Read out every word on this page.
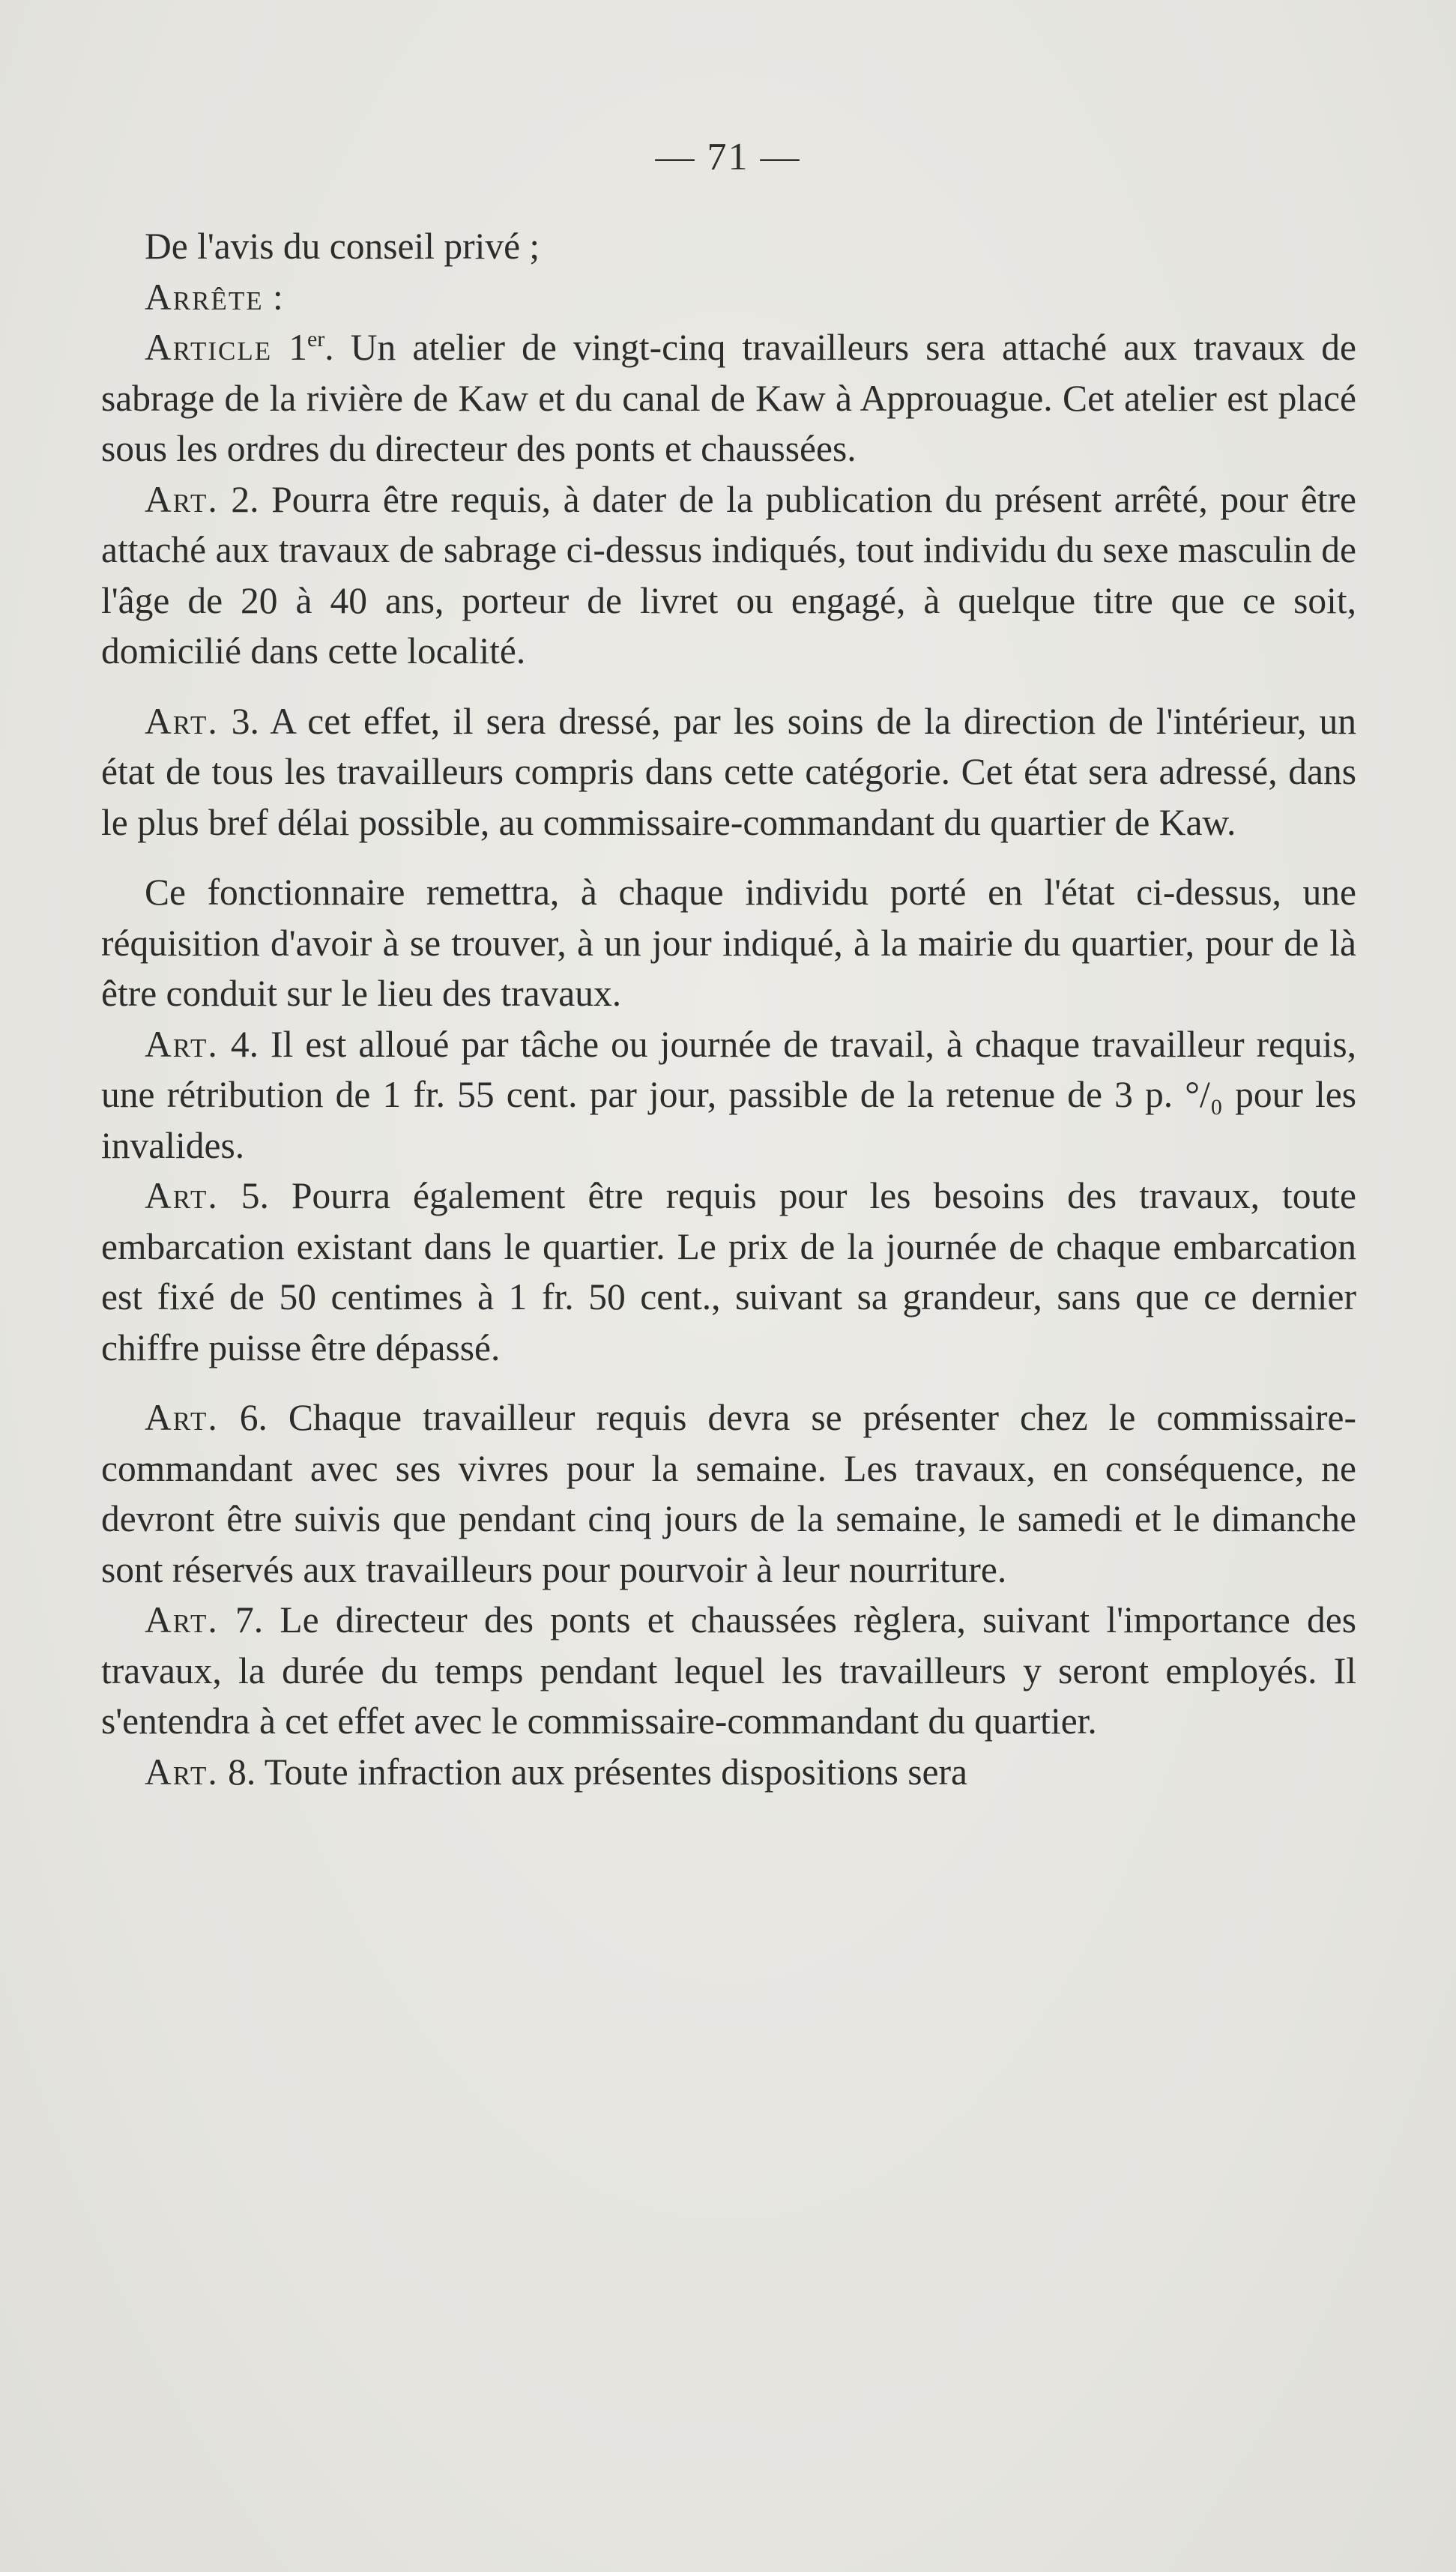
— 71 —

De l'avis du conseil privé ;

Arrête :

Article 1er. Un atelier de vingt-cinq travailleurs sera attaché aux travaux de sabrage de la rivière de Kaw et du canal de Kaw à Approuague. Cet atelier est placé sous les ordres du directeur des ponts et chaussées.

Art. 2. Pourra être requis, à dater de la publication du présent arrêté, pour être attaché aux travaux de sabrage ci-dessus indiqués, tout individu du sexe masculin de l'âge de 20 à 40 ans, porteur de livret ou engagé, à quelque titre que ce soit, domicilié dans cette localité.

Art. 3. A cet effet, il sera dressé, par les soins de la direction de l'intérieur, un état de tous les travailleurs compris dans cette catégorie. Cet état sera adressé, dans le plus bref délai possible, au commissaire-commandant du quartier de Kaw.

Ce fonctionnaire remettra, à chaque individu porté en l'état ci-dessus, une réquisition d'avoir à se trouver, à un jour indiqué, à la mairie du quartier, pour de là être conduit sur le lieu des travaux.

Art. 4. Il est alloué par tâche ou journée de travail, à chaque travailleur requis, une rétribution de 1 fr. 55 cent. par jour, passible de la retenue de 3 p. °/₀ pour les invalides.

Art. 5. Pourra également être requis pour les besoins des travaux, toute embarcation existant dans le quartier. Le prix de la journée de chaque embarcation est fixé de 50 centimes à 1 fr. 50 cent., suivant sa grandeur, sans que ce dernier chiffre puisse être dépassé.

Art. 6. Chaque travailleur requis devra se présenter chez le commissaire-commandant avec ses vivres pour la semaine. Les travaux, en conséquence, ne devront être suivis que pendant cinq jours de la semaine, le samedi et le dimanche sont réservés aux travailleurs pour pourvoir à leur nourriture.

Art. 7. Le directeur des ponts et chaussées règlera, suivant l'importance des travaux, la durée du temps pendant lequel les travailleurs y seront employés. Il s'entendra à cet effet avec le commissaire-commandant du quartier.

Art. 8. Toute infraction aux présentes dispositions sera
